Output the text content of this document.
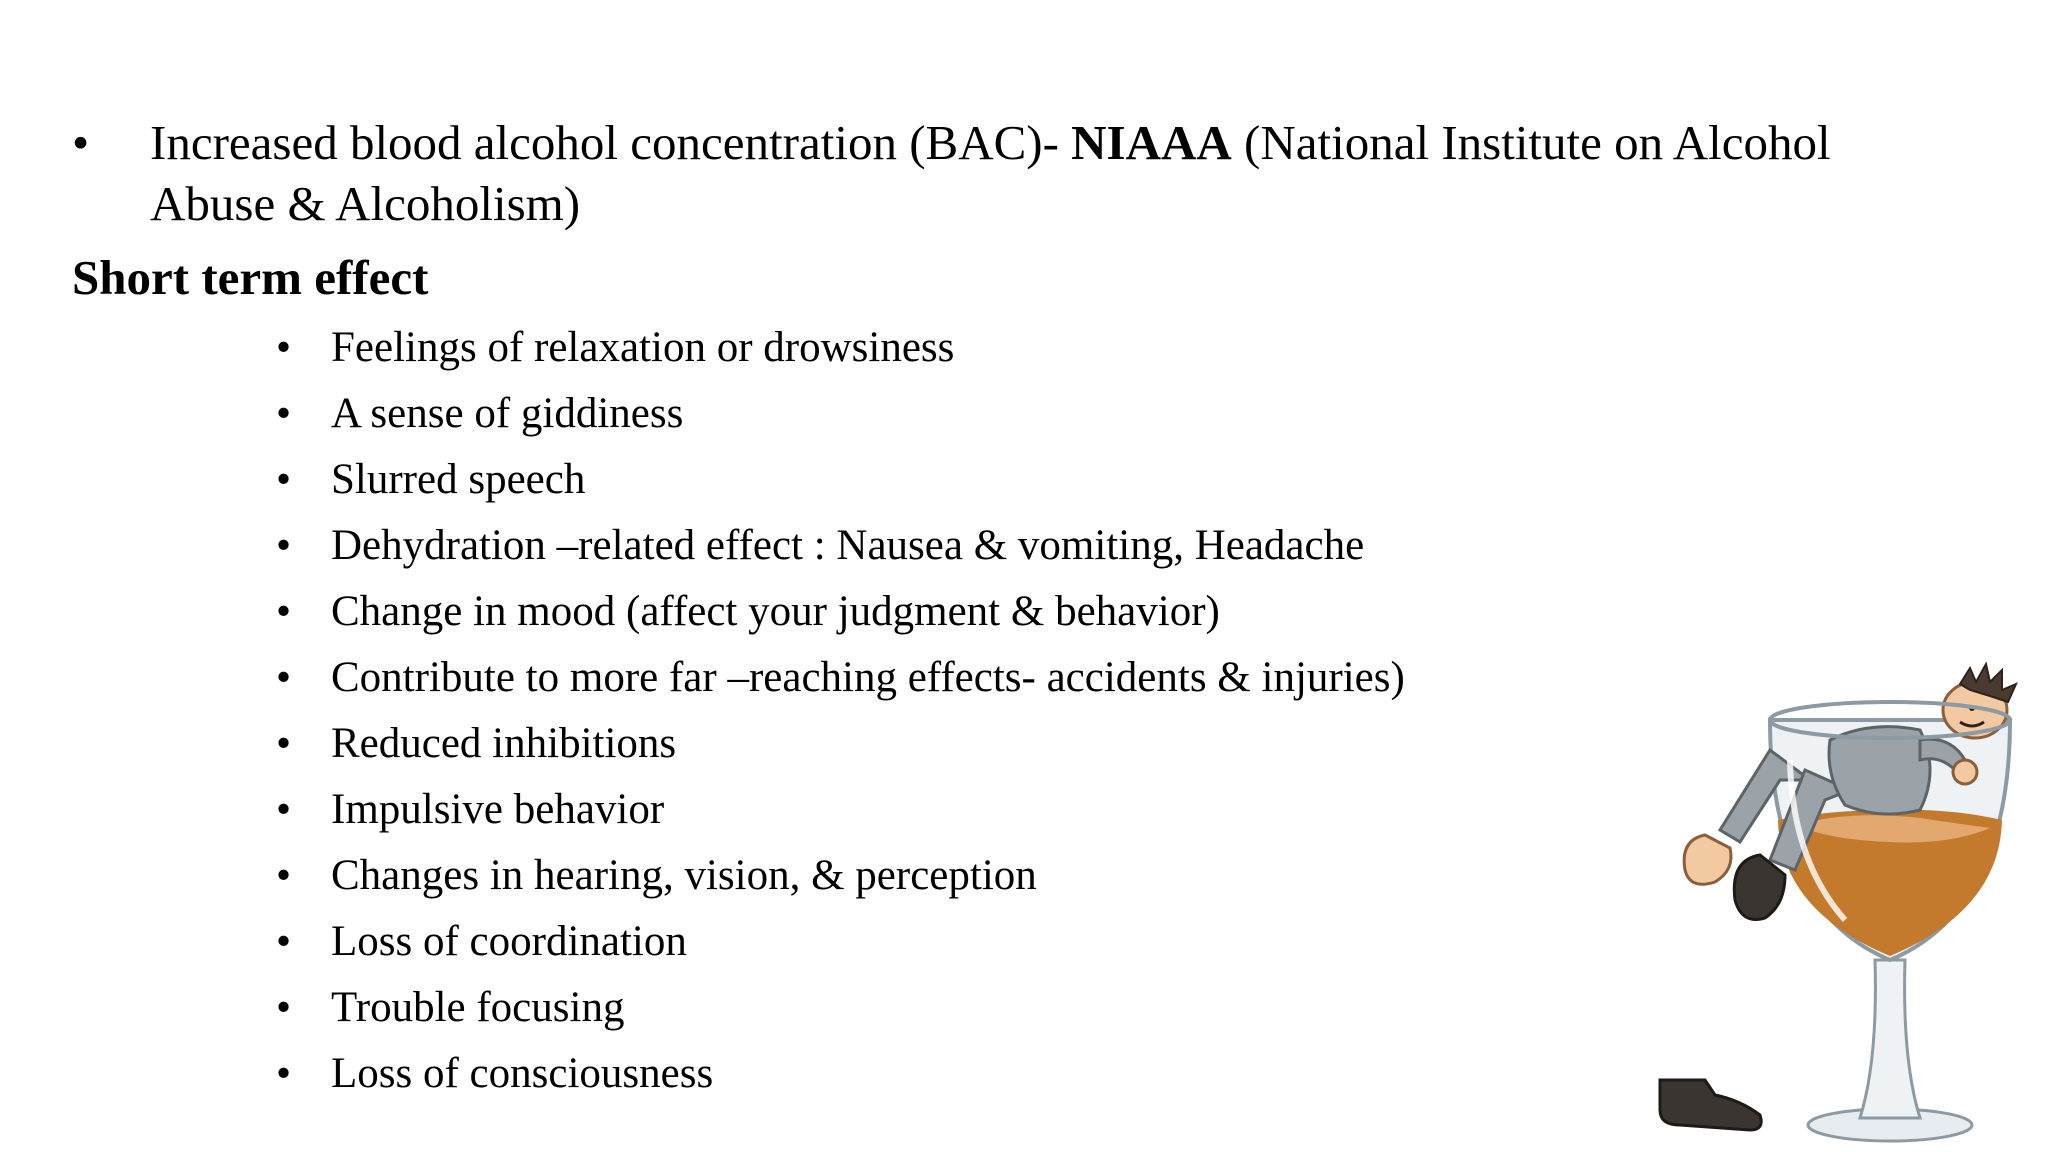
•	Increased blood alcohol concentration (BAC)- NIAAA (National Institute on Alcohol Abuse & Alcoholism)
Short term effect
• Feelings of relaxation or drowsiness
• A sense of giddiness
• Slurred speech
• Dehydration –related effect : Nausea & vomiting, Headache
• Change in mood (affect your judgment & behavior)
• Contribute to more far –reaching effects- accidents & injuries)
• Reduced inhibitions
• Impulsive behavior
• Changes in hearing, vision, & perception
• Loss of coordination
• Trouble focusing
• Loss of consciousness
